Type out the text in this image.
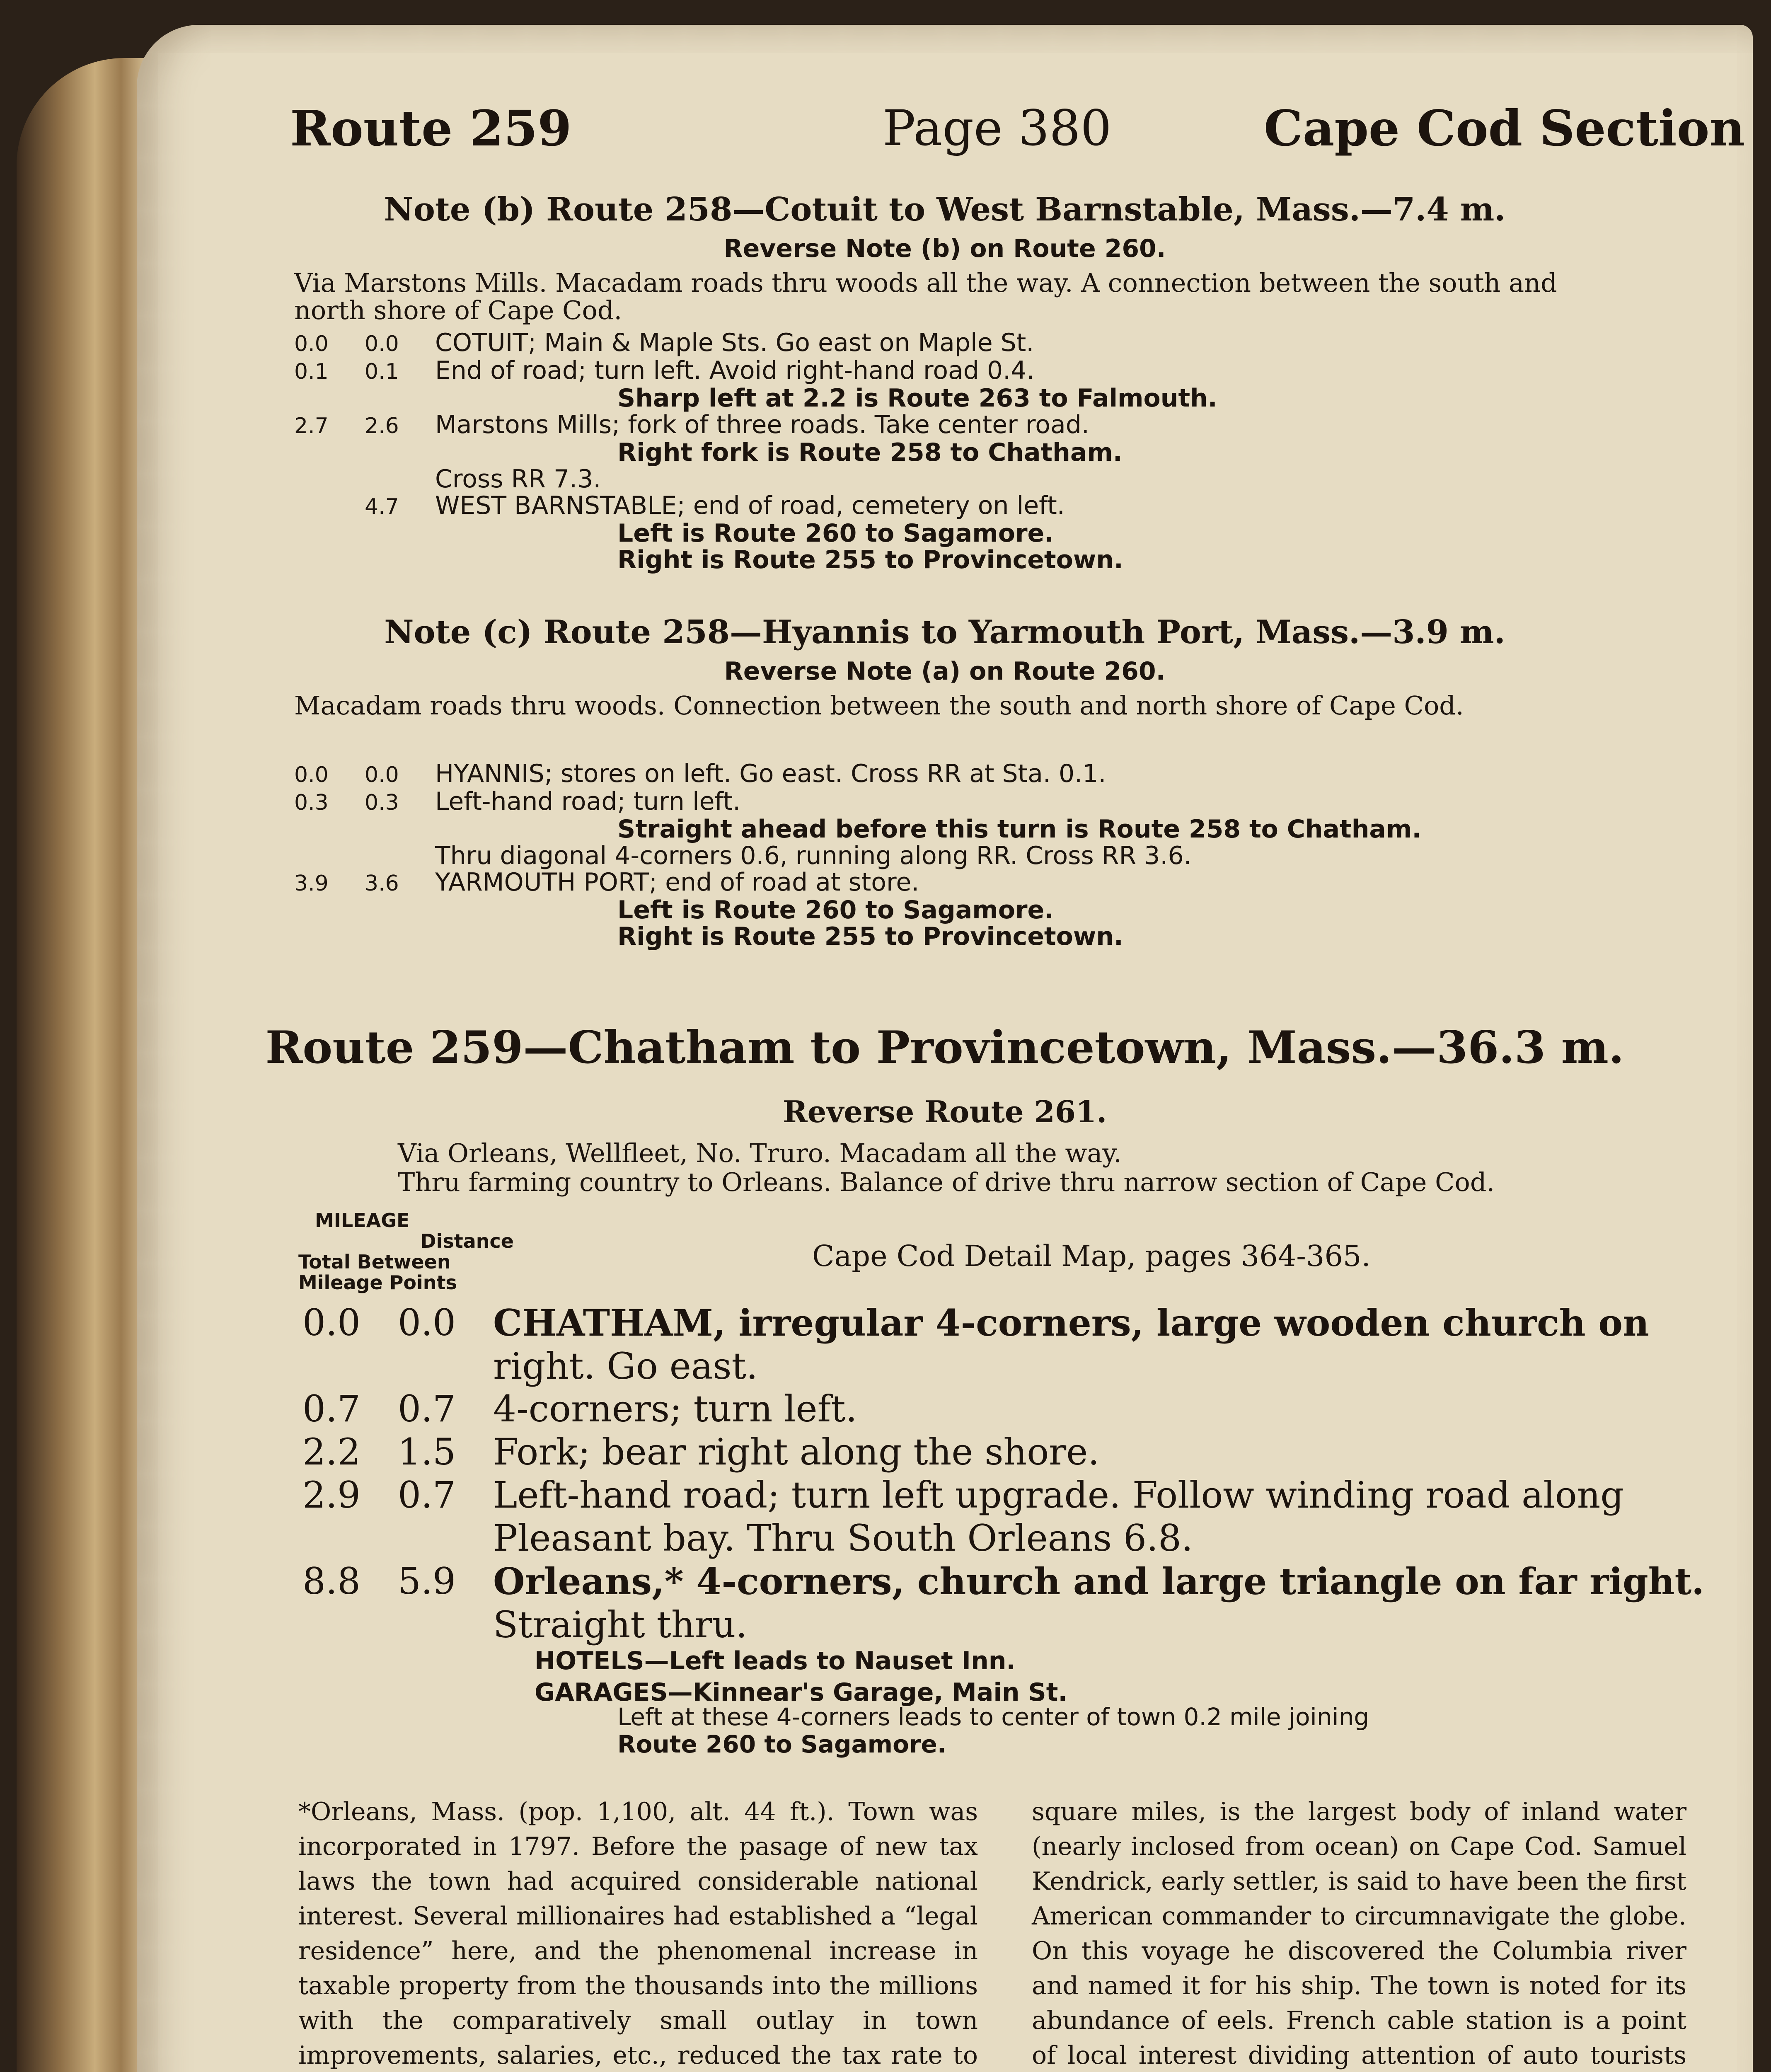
Route 259	Page 380	Cape Cod Section
Note (b) Route 258—Cotuit to West Barnstable, Mass.—7.4 m.
Reverse Note (b) on Route 260.
Via Marstons Mills. Macadam roads thru woods all the way. A connection between the south and north shore of Cape Cod.
0.0 0.0 COTUIT; Main & Maple Sts. Go east on Maple St.
0.1 0.1 End of road; turn left. Avoid right-hand road 0.4.
Sharp left at 2.2 is Route 263 to Falmouth.
2.7 2.6 Marstons Mills; fork of three roads. Take center road.
Right fork is Route 258 to Chatham.
Cross RR 7.3.
4.7 WEST BARNSTABLE; end of road, cemetery on left.
Left is Route 260 to Sagamore.
Right is Route 255 to Provincetown.
Note (c) Route 258—Hyannis to Yarmouth Port, Mass.—3.9 m.
Reverse Note (a) on Route 260.
Macadam roads thru woods. Connection between the south and north shore of Cape Cod.
0.0 0.0 HYANNIS; stores on left. Go east. Cross RR at Sta. 0.1.
0.3 0.3 Left-hand road; turn left.
Straight ahead before this turn is Route 258 to Chatham.
Thru diagonal 4-corners 0.6, running along RR. Cross RR 3.6.
3.9 3.6 YARMOUTH PORT; end of road at store.
Left is Route 260 to Sagamore.
Right is Route 255 to Provincetown.
Route 259—Chatham to Provincetown, Mass.—36.3 m.
Reverse Route 261.
Via Orleans, Wellfleet, No. Truro. Macadam all the way.
Thru farming country to Orleans. Balance of drive thru narrow section of Cape Cod.
MILEAGE
Distance
Total Between
Mileage Points
Cape Cod Detail Map, pages 364-365.
0.0 0.0 CHATHAM, irregular 4-corners, large wooden church on
right. Go east.
0.7 0.7 4-corners; turn left.
2.2 1.5 Fork; bear right along the shore.
2.9 0.7 Left-hand road; turn left upgrade. Follow winding road along
Pleasant bay. Thru South Orleans 6.8.
8.8 5.9 Orleans,* 4-corners, church and large triangle on far right.
Straight thru.
HOTELS—Left leads to Nauset Inn.
GARAGES—Kinnear's Garage, Main St.
Left at these 4-corners leads to center of town 0.2 mile joining
Route 260 to Sagamore.
*Orleans, Mass. (pop. 1,100, alt. 44 ft.). Town was incorporated in 1797. Before the pasage of new tax laws the town had acquired considerable national interest. Several millionaires had established a “legal residence” here, and the phenomenal increase in taxable property from the thousands into the millions with the comparatively small outlay in town improvements, salaries, etc., reduced the tax rate to
square miles, is the largest body of inland water (nearly inclosed from ocean) on Cape Cod. Samuel Kendrick, early settler, is said to have been the first American commander to circumnavigate the globe. On this voyage he discovered the Columbia river and named it for his ship. The town is noted for its abundance of eels. French cable station is a point of local interest dividing attention of auto tourists
